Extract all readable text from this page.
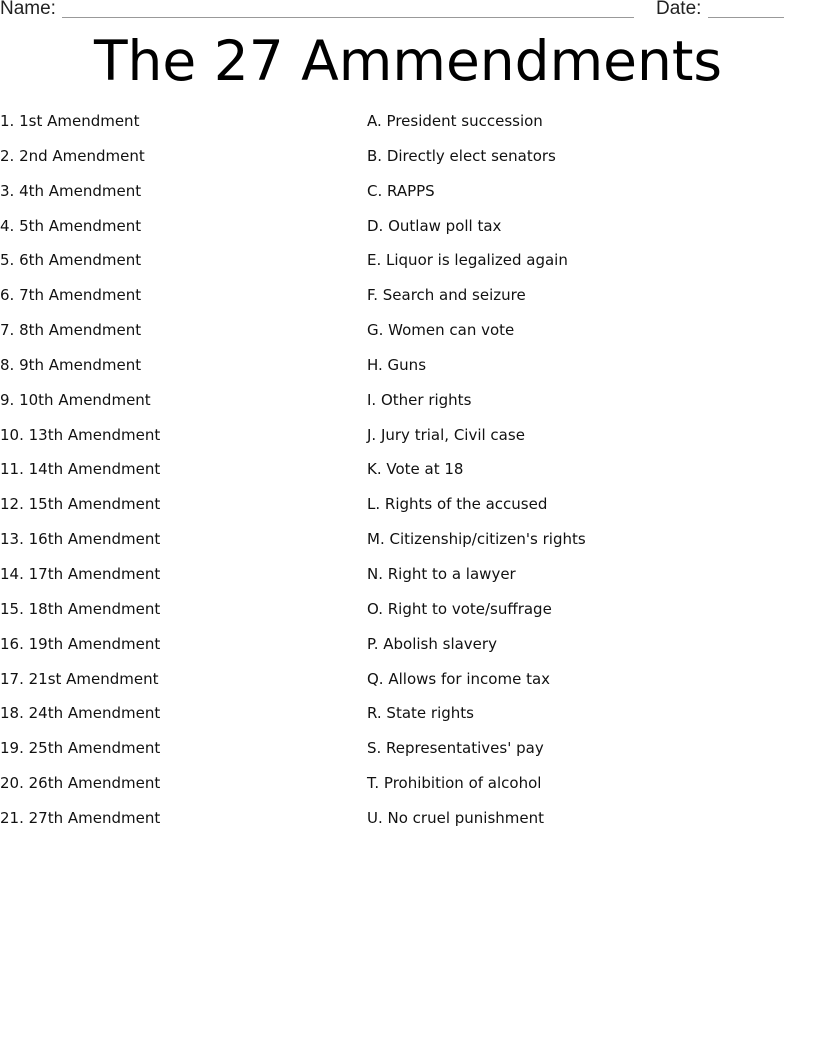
Name:	Date:
The 27 Ammendments
1. 1st Amendment
2. 2nd Amendment
3. 4th Amendment
4. 5th Amendment
5. 6th Amendment
6. 7th Amendment
7. 8th Amendment
8. 9th Amendment
9. 10th Amendment
10. 13th Amendment
11. 14th Amendment
12. 15th Amendment
13. 16th Amendment
14. 17th Amendment
15. 18th Amendment
16. 19th Amendment
17. 21st Amendment
18. 24th Amendment
19. 25th Amendment
20. 26th Amendment
21. 27th Amendment
A. President succession
B. Directly elect senators
C. RAPPS
D. Outlaw poll tax
E. Liquor is legalized again
F. Search and seizure
G. Women can vote
H. Guns
I. Other rights
J. Jury trial, Civil case
K. Vote at 18
L. Rights of the accused
M. Citizenship/citizen's rights
N. Right to a lawyer
O. Right to vote/suffrage
P. Abolish slavery
Q. Allows for income tax
R. State rights
S. Representatives' pay
T. Prohibition of alcohol
U. No cruel punishment
